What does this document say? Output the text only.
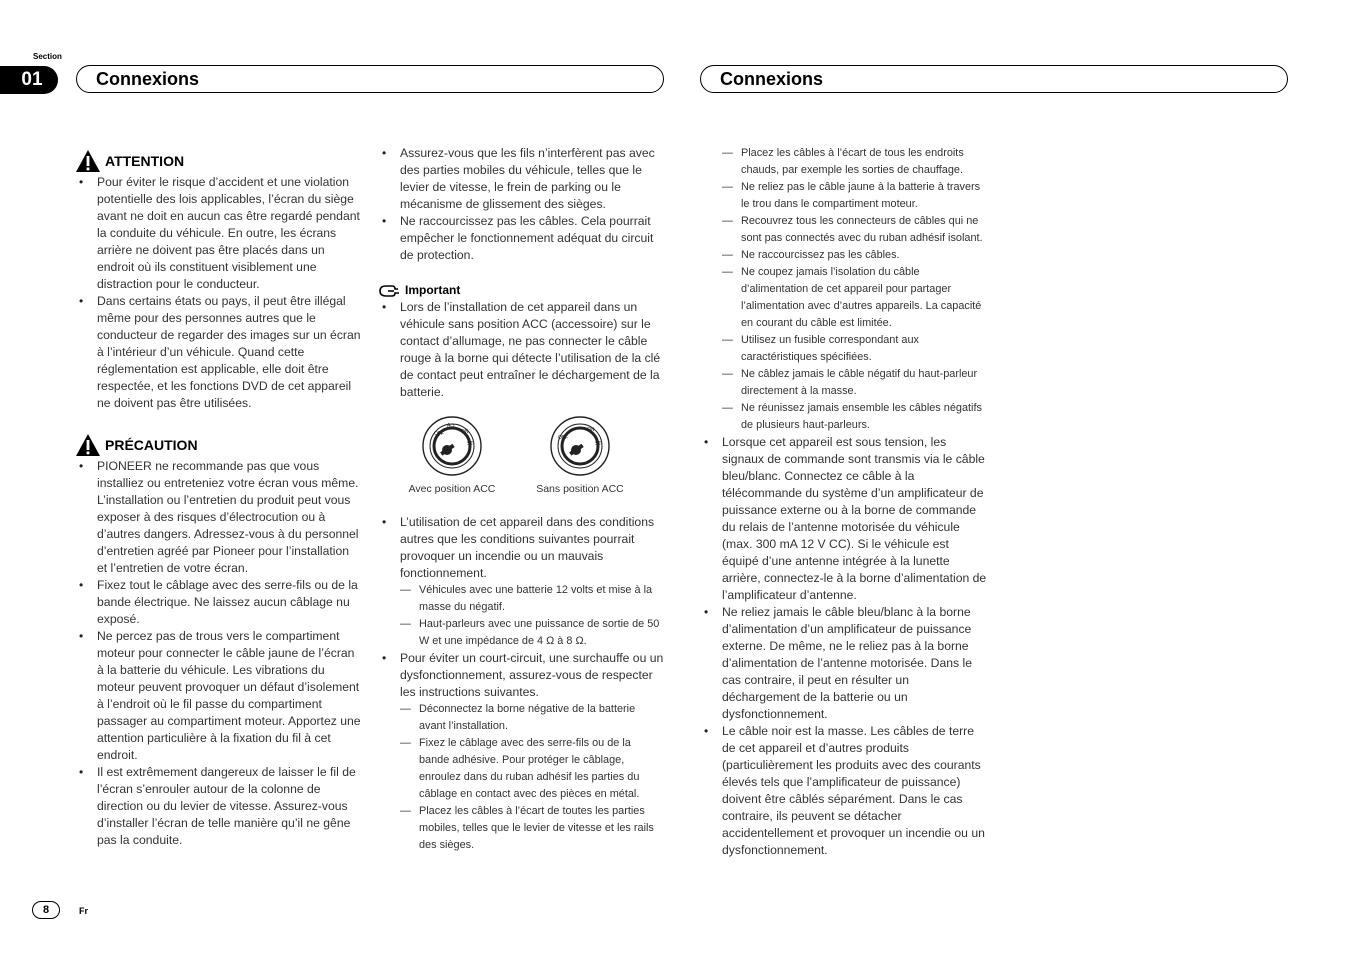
Section
01	Connexions	Connexions
ATTENTION
• Pour éviter le risque d’accident et une violation potentielle des lois applicables, l’écran du siège avant ne doit en aucun cas être regardé pendant la conduite du véhicule. En outre, les écrans arrière ne doivent pas être placés dans un endroit où ils constituent visiblement une distraction pour le conducteur.
• Dans certains états ou pays, il peut être illégal même pour des personnes autres que le conducteur de regarder des images sur un écran à l’intérieur d’un véhicule. Quand cette réglementation est applicable, elle doit être respectée, et les fonctions DVD de cet appareil ne doivent pas être utilisées.
PRÉCAUTION
• PIONEER ne recommande pas que vous installiez ou entreteniez votre écran vous même. L’installation ou l’entretien du produit peut vous exposer à des risques d’électrocution ou à d’autres dangers. Adressez-vous à du personnel d’entretien agréé par Pioneer pour l’installation et l’entretien de votre écran.
• Fixez tout le câblage avec des serre-fils ou de la bande électrique. Ne laissez aucun câblage nu exposé.
• Ne percez pas de trous vers le compartiment moteur pour connecter le câble jaune de l’écran à la batterie du véhicule. Les vibrations du moteur peuvent provoquer un défaut d’isolement à l’endroit où le fil passe du compartiment passager au compartiment moteur. Apportez une attention particulière à la fixation du fil à cet endroit.
• Il est extrêmement dangereux de laisser le fil de l’écran s’enrouler autour de la colonne de direction ou du levier de vitesse. Assurez-vous d’installer l’écran de telle manière qu’il ne gêne pas la conduite.
• Assurez-vous que les fils n’interfèrent pas avec des parties mobiles du véhicule, telles que le levier de vitesse, le frein de parking ou le mécanisme de glissement des sièges.
• Ne raccourcissez pas les câbles. Cela pourrait empêcher le fonctionnement adéquat du circuit de protection.
Important
• Lors de l’installation de cet appareil dans un véhicule sans position ACC (accessoire) sur le contact d’allumage, ne pas connecter le câble rouge à la borne qui détecte l’utilisation de la clé de contact peut entraîner le déchargement de la batterie.
OFF
Acc
ON
ST
Avec position ACC
OFF
ON
ST
Sans position ACC

• L’utilisation de cet appareil dans des conditions autres que les conditions suivantes pourrait provoquer un incendie ou un mauvais fonctionnement.

— Véhicules avec une batterie 12 volts et mise à la masse du négatif.
— Haut-parleurs avec une puissance de sortie de 50 W et une impédance de 4 Ω à 8 Ω.

• Pour éviter un court-circuit, une surchauffe ou un dysfonctionnement, assurez-vous de respecter les instructions suivantes.

— Déconnectez la borne négative de la batterie avant l’installation.
— Fixez le câblage avec des serre-fils ou de la bande adhésive. Pour protéger le câblage, enroulez dans du ruban adhésif les parties du câblage en contact avec des pièces en métal.
— Placez les câbles à l’écart de toutes les parties mobiles, telles que le levier de vitesse et les rails des sièges.
— Placez les câbles à l’écart de tous les endroits chauds, par exemple les sorties de chauffage.
— Ne reliez pas le câble jaune à la batterie à travers le trou dans le compartiment moteur.
— Recouvrez tous les connecteurs de câbles qui ne sont pas connectés avec du ruban adhésif isolant.
— Ne raccourcissez pas les câbles.
— Ne coupez jamais l’isolation du câble d’alimentation de cet appareil pour partager l’alimentation avec d’autres appareils. La capacité en courant du câble est limitée.
— Utilisez un fusible correspondant aux caractéristiques spécifiées.
— Ne câblez jamais le câble négatif du haut-parleur directement à la masse.
— Ne réunissez jamais ensemble les câbles négatifs de plusieurs haut-parleurs.
• Lorsque cet appareil est sous tension, les signaux de commande sont transmis via le câble bleu/blanc. Connectez ce câble à la télécommande du système d’un amplificateur de puissance externe ou à la borne de commande du relais de l’antenne motorisée du véhicule (max. 300 mA 12 V CC). Si le véhicule est équipé d’une antenne intégrée à la lunette arrière, connectez-le à la borne d’alimentation de l’amplificateur d’antenne.
• Ne reliez jamais le câble bleu/blanc à la borne d’alimentation d’un amplificateur de puissance externe. De même, ne le reliez pas à la borne d’alimentation de l’antenne motorisée. Dans le cas contraire, il peut en résulter un déchargement de la batterie ou un dysfonctionnement.
• Le câble noir est la masse. Les câbles de terre de cet appareil et d’autres produits (particulièrement les produits avec des courants élevés tels que l’amplificateur de puissance) doivent être câblés séparément. Dans le cas contraire, ils peuvent se détacher accidentellement et provoquer un incendie ou un dysfonctionnement.
8	Fr
